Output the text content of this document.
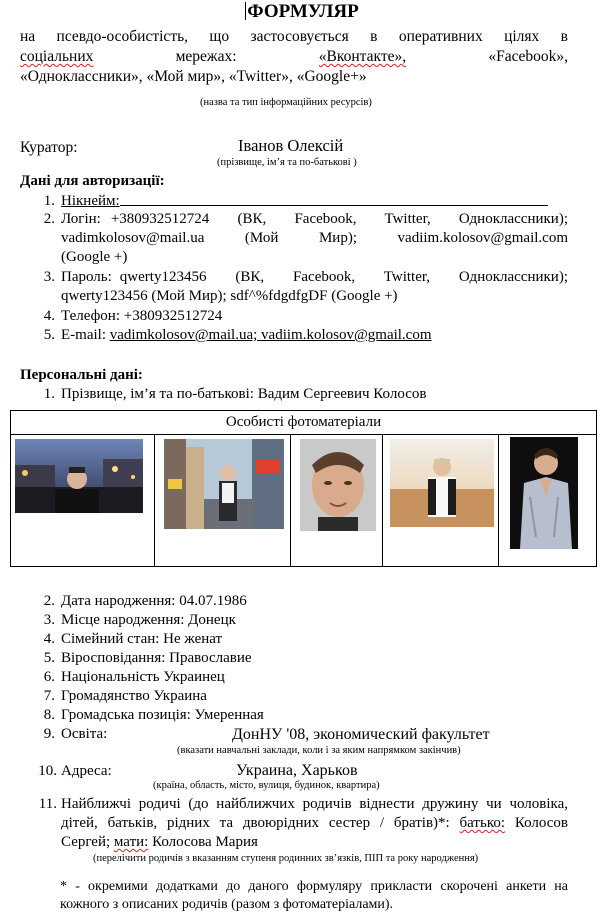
ФОРМУЛЯР
на псевдо-особистість, що застосовується в оперативних цілях в
соціальних	мережах:	«Вконтакте»,	«Facebook»,
«Одноклассники», «Мой мир», «Twitter», «Google+»
(назва та тип інформаційних ресурсів)
Куратор:	Іванов Олексій
(прізвище, ім’я та по-батькові )
Дані для авторизації:
1. Нікнейм:
2. Логін: +380932512724 (ВК, Facebook, Twitter, Одноклассники);
vadimkolosov@mail.ua (Мой Мир); vadiim.kolosov@gmail.com
(Google +)
3. Пароль: qwerty123456 (ВК, Facebook, Twitter, Одноклассники);
qwerty123456 (Мой Мир); sdf^%fdgdfgDF (Google +)
4. Телефон: +380932512724
5. E-mail: vadimkolosov@mail.ua; vadiim.kolosov@gmail.com
Персональні дані:
1. Прізвище, ім’я та по-батькові: Вадим Сергеевич Колосов
Особисті фотоматеріали
2. Дата народження: 04.07.1986
3. Місце народження: Донецк
4. Сімейний стан: Не женат
5. Віросповідання: Православие
6. Національність Украинец
7. Громадянство Украина
8. Громадська позиція: Умеренная
9. Освіта:	ДонНУ '08, экономический факультет
(вказати навчальні заклади, коли і за яким напрямком закінчив)
10. Адреса:	Украина, Харьков
(країна, область, місто, вулиця, будинок, квартира)
11. Найближчі родичі (до найближчих родичів віднести дружину чи чоловіка,
дітей, батьків, рідних та двоюрідних сестер / братів)*: батько: Колосов
Сергей; мати: Колосова Мария
(перелічити родичів з вказанням ступеня родинних зв’язків, ПІП та року народження)
* - окремими додатками до даного формуляру прикласти скорочені анкети на
кожного з описаних родичів (разом з фотоматеріалами).
